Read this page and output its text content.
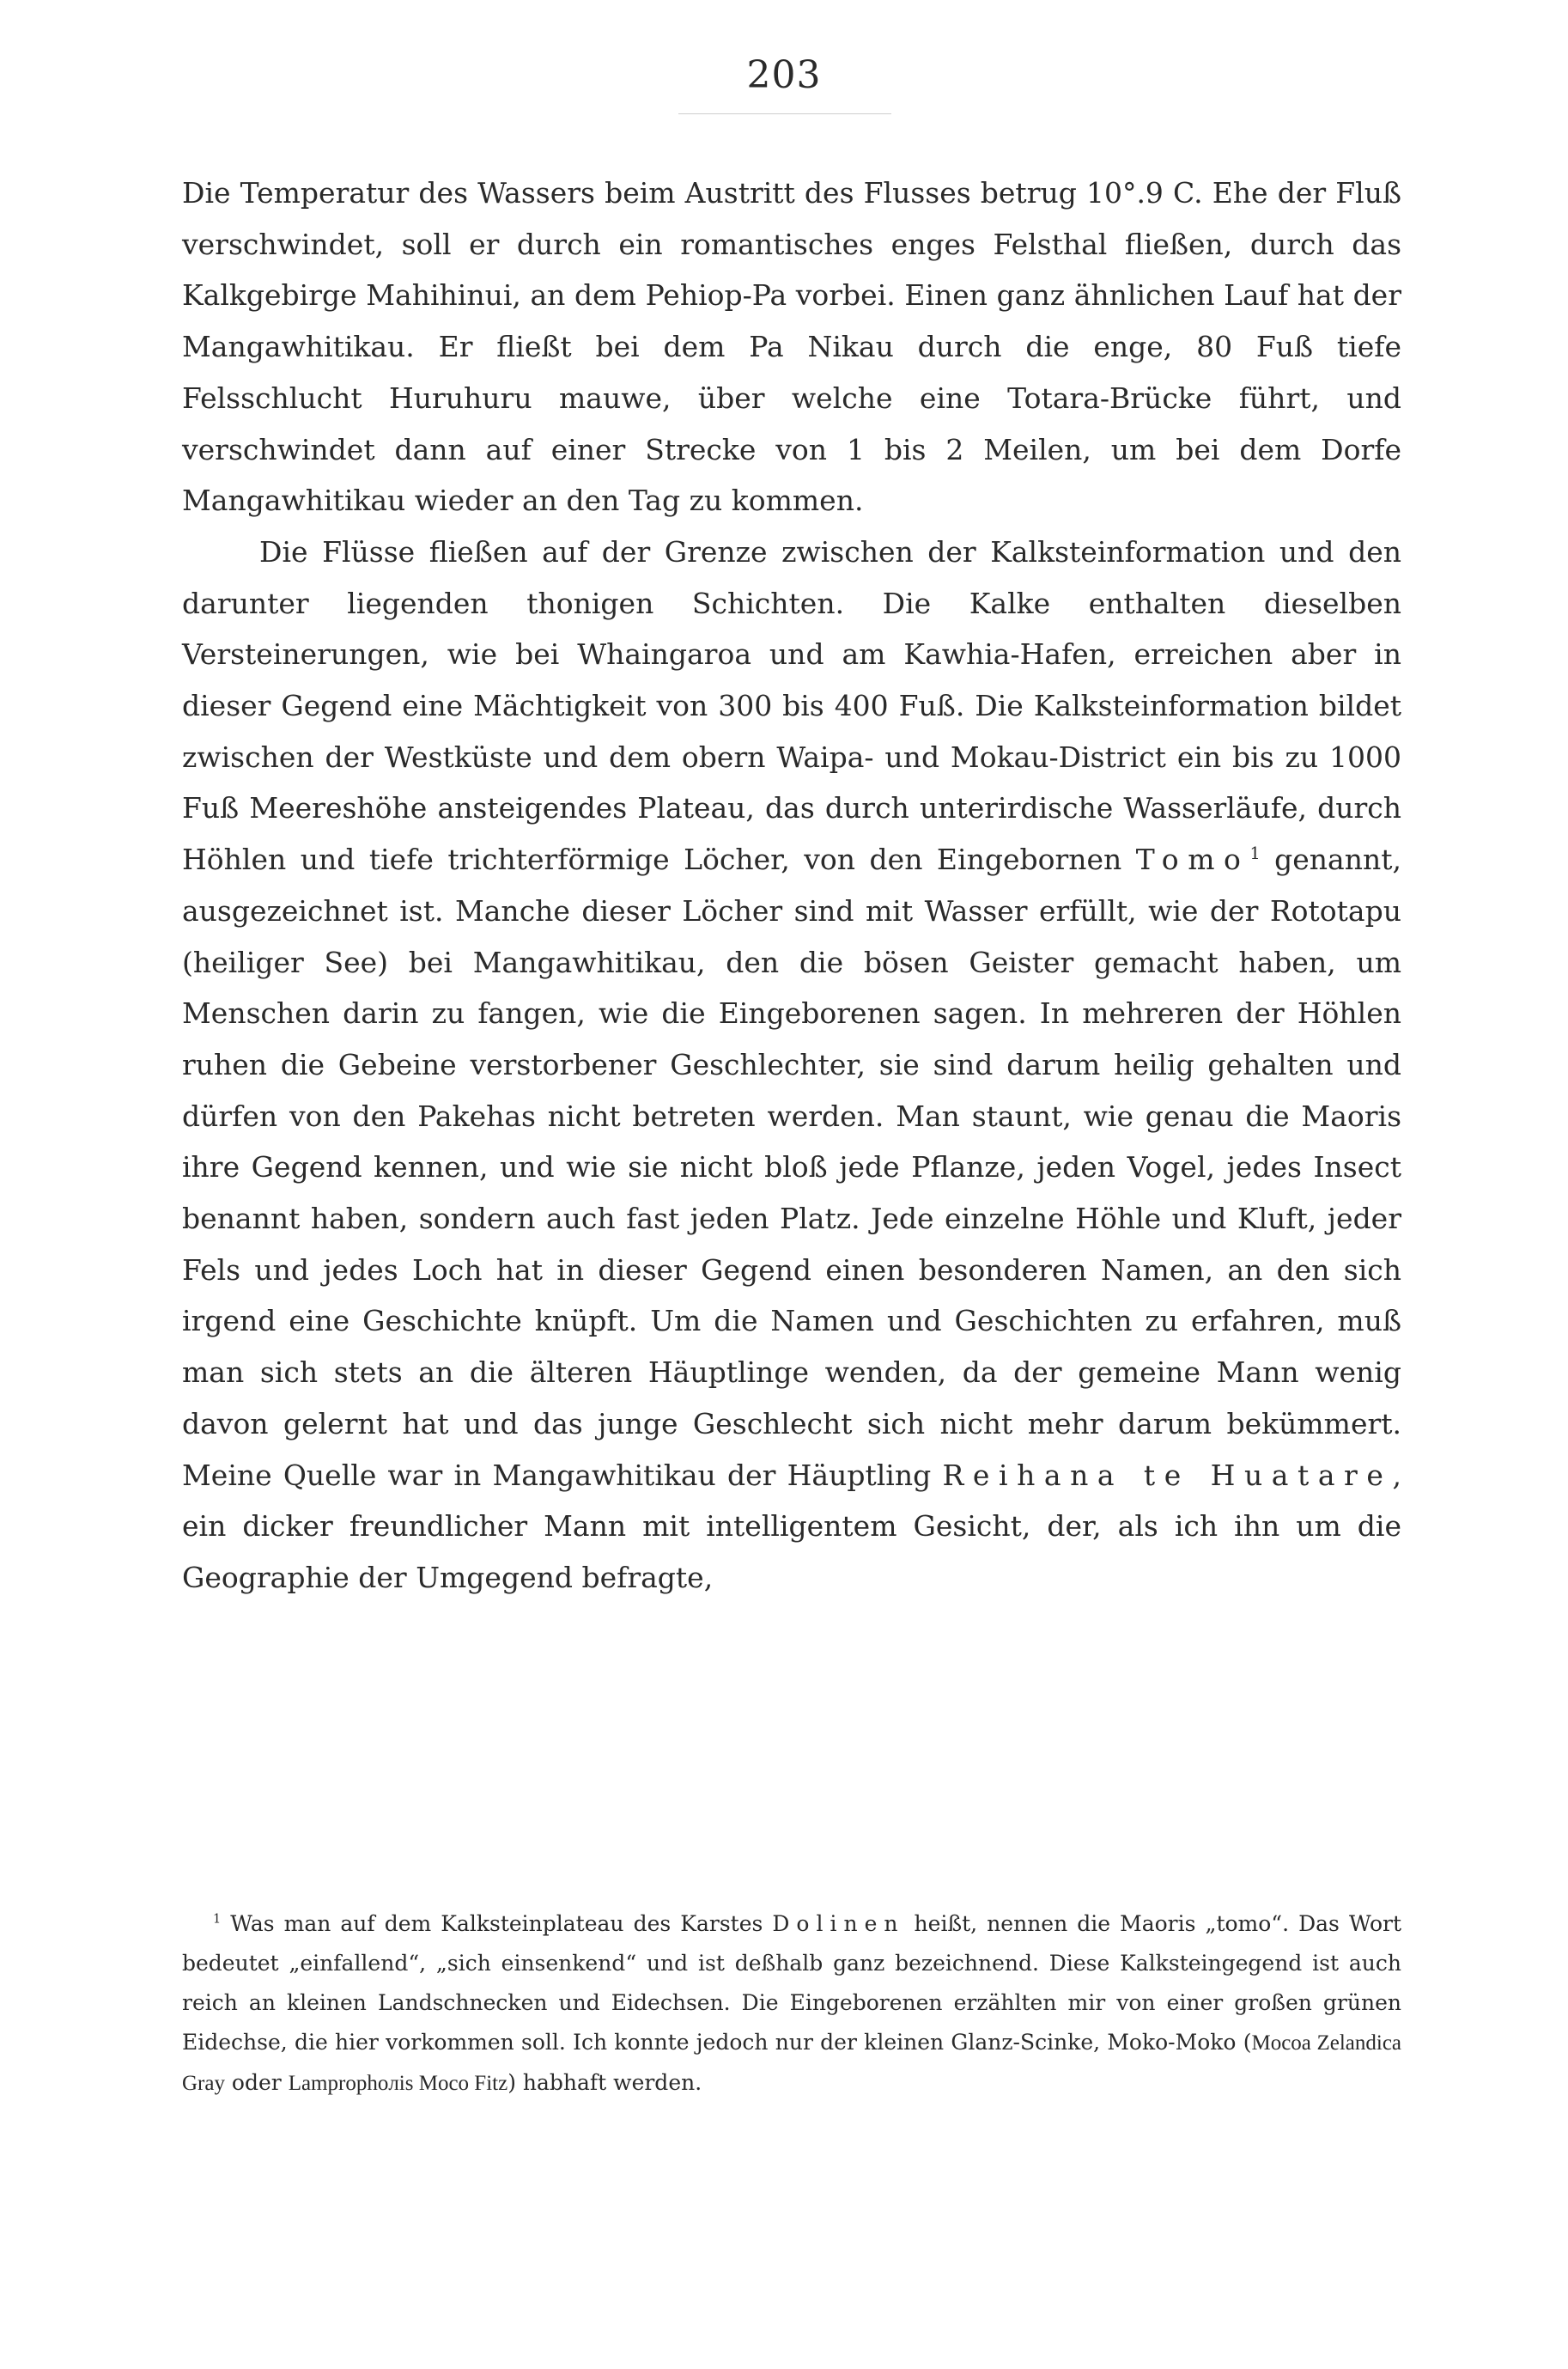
203

Die Temperatur des Wassers beim Austritt des Flusses betrug 10°.9 C. Ehe der Fluß verschwindet, soll er durch ein romantisches enges Felsthal fließen, durch das Kalkgebirge Mahihinui, an dem Pehiop-Pa vorbei. Einen ganz ähnlichen Lauf hat der Mangawhitikau. Er fließt bei dem Pa Nikau durch die enge, 80 Fuß tiefe Felsschlucht Huruhuru mauwe, über welche eine Totara-Brücke führt, und verschwindet dann auf einer Strecke von 1 bis 2 Meilen, um bei dem Dorfe Mangawhitikau wieder an den Tag zu kommen.

Die Flüsse fließen auf der Grenze zwischen der Kalksteinformation und den darunter liegenden thonigen Schichten. Die Kalke enthalten dieselben Versteinerungen, wie bei Whaingaroa und am Kawhia-Hafen, erreichen aber in dieser Gegend eine Mächtigkeit von 300 bis 400 Fuß. Die Kalksteinformation bildet zwischen der Westküste und dem obern Waipa- und Mokau-District ein bis zu 1000 Fuß Meereshöhe ansteigendes Plateau, das durch unterirdische Wasserläufe, durch Höhlen und tiefe trichterförmige Löcher, von den Eingebornen Tomo$^1$ genannt, ausgezeichnet ist. Manche dieser Löcher sind mit Wasser erfüllt, wie der Rototapu (heiliger See) bei Mangawhitikau, den die bösen Geister gemacht haben, um Menschen darin zu fangen, wie die Eingeborenen sagen. In mehreren der Höhlen ruhen die Gebeine verstorbener Geschlechter, sie sind darum heilig gehalten und dürfen von den Pakehas nicht betreten werden. Man staunt, wie genau die Maoris ihre Gegend kennen, und wie sie nicht bloß jede Pflanze, jeden Vogel, jedes Insect benannt haben, sondern auch fast jeden Platz. Jede einzelne Höhle und Kluft, jeder Fels und jedes Loch hat in dieser Gegend einen besonderen Namen, an den sich irgend eine Geschichte knüpft. Um die Namen und Geschichten zu erfahren, muß man sich stets an die älteren Häuptlinge wenden, da der gemeine Mann wenig davon gelernt hat und das junge Geschlecht sich nicht mehr darum bekümmert. Meine Quelle war in Mangawhitikau der Häuptling Reihana te Huatare, ein dicker freundlicher Mann mit intelligentem Gesicht, der, als ich ihn um die Geographie der Umgegend befragte,

$^1$ Was man auf dem Kalksteinplateau des Karstes Dolinen heißt, nennen die Maoris „tomo“. Das Wort bedeutet „einfallend“, „sich einsenkend“ und ist deßhalb ganz bezeichnend. Diese Kalksteingegend ist auch reich an kleinen Landschnecken und Eidechsen. Die Eingeborenen erzählten mir von einer großen grünen Eidechse, die hier vorkommen soll. Ich konnte jedoch nur der kleinen Glanz-Scinke, Moko-Moko (Mocoa Zelandica Gray oder Lamprophoлis Moco Fitz) habhaft werden.
